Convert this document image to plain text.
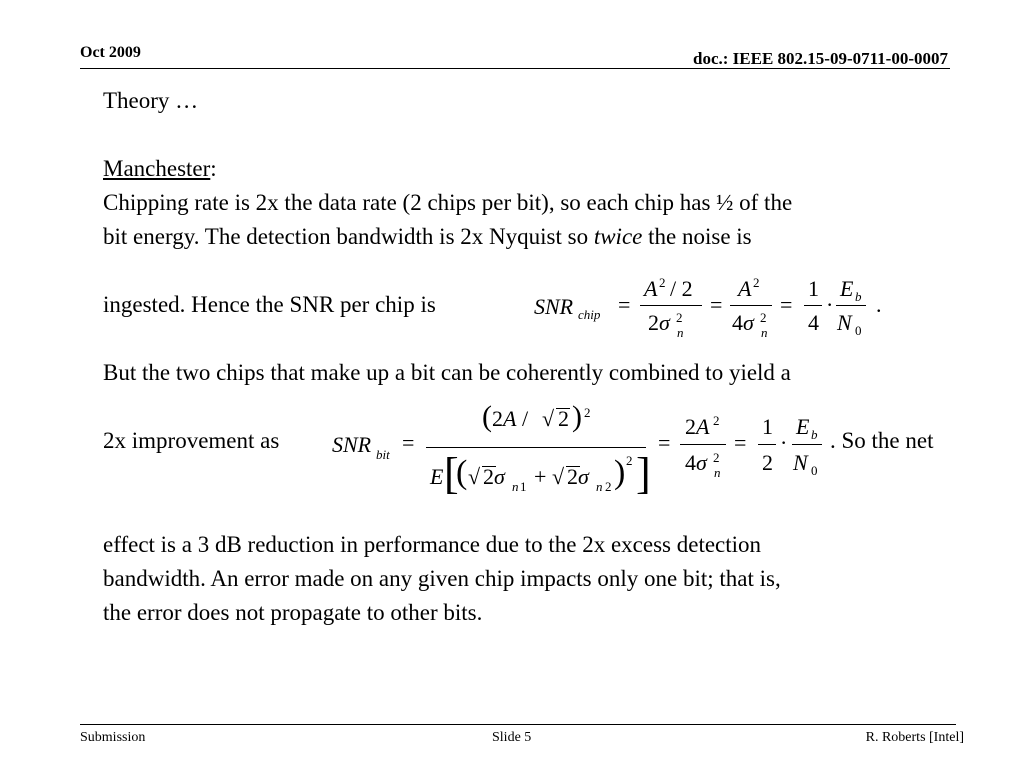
Oct 2009	doc.: IEEE 802.15-09-0711-00-0007
Theory …
Manchester:
Chipping rate is 2x the data rate (2 chips per bit), so each chip has ½ of the
bit energy. The detection bandwidth is 2x Nyquist so twice the noise is
ingested. Hence the SNR per chip is	SNR chip =
A 2 / 2
2σ 2
n
=
A 2
4σ 2
n
=
1
4
·
E b
N 0
.
But the two chips that make up a bit can be coherently combined to yield a
2x improvement as SNR bit =
( 2A / √ 2 ) 2
E [
( √ 2σ n 1 + √ 2σ n 2 ) 2 ]
=
2A 2
4σ 2
n
=
1
2
·
E b
N 0
. So the net
effect is a 3 dB reduction in performance due to the 2x excess detection
bandwidth. An error made on any given chip impacts only one bit; that is,
the error does not propagate to other bits.
Submission	Slide 5	R. Roberts [Intel]
